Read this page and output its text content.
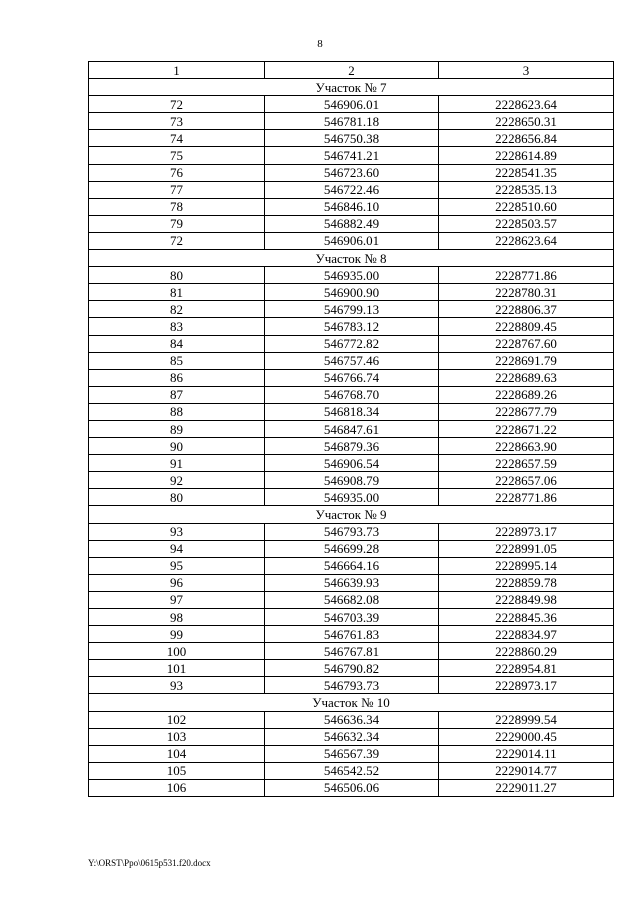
8
1	2	3
Участок № 7		
72	546906.01	2228623.64
73	546781.18	2228650.31
74	546750.38	2228656.84
75	546741.21	2228614.89
76	546723.60	2228541.35
77	546722.46	2228535.13
78	546846.10	2228510.60
79	546882.49	2228503.57
72	546906.01	2228623.64
Участок № 8		
80	546935.00	2228771.86
81	546900.90	2228780.31
82	546799.13	2228806.37
83	546783.12	2228809.45
84	546772.82	2228767.60
85	546757.46	2228691.79
86	546766.74	2228689.63
87	546768.70	2228689.26
88	546818.34	2228677.79
89	546847.61	2228671.22
90	546879.36	2228663.90
91	546906.54	2228657.59
92	546908.79	2228657.06
80	546935.00	2228771.86
Участок № 9		
93	546793.73	2228973.17
94	546699.28	2228991.05
95	546664.16	2228995.14
96	546639.93	2228859.78
97	546682.08	2228849.98
98	546703.39	2228845.36
99	546761.83	2228834.97
100	546767.81	2228860.29
101	546790.82	2228954.81
93	546793.73	2228973.17
Участок № 10		
102	546636.34	2228999.54
103	546632.34	2229000.45
104	546567.39	2229014.11
105	546542.52	2229014.77
106	546506.06	2229011.27
Y:\ORST\Ppo\0615p531.f20.docx
